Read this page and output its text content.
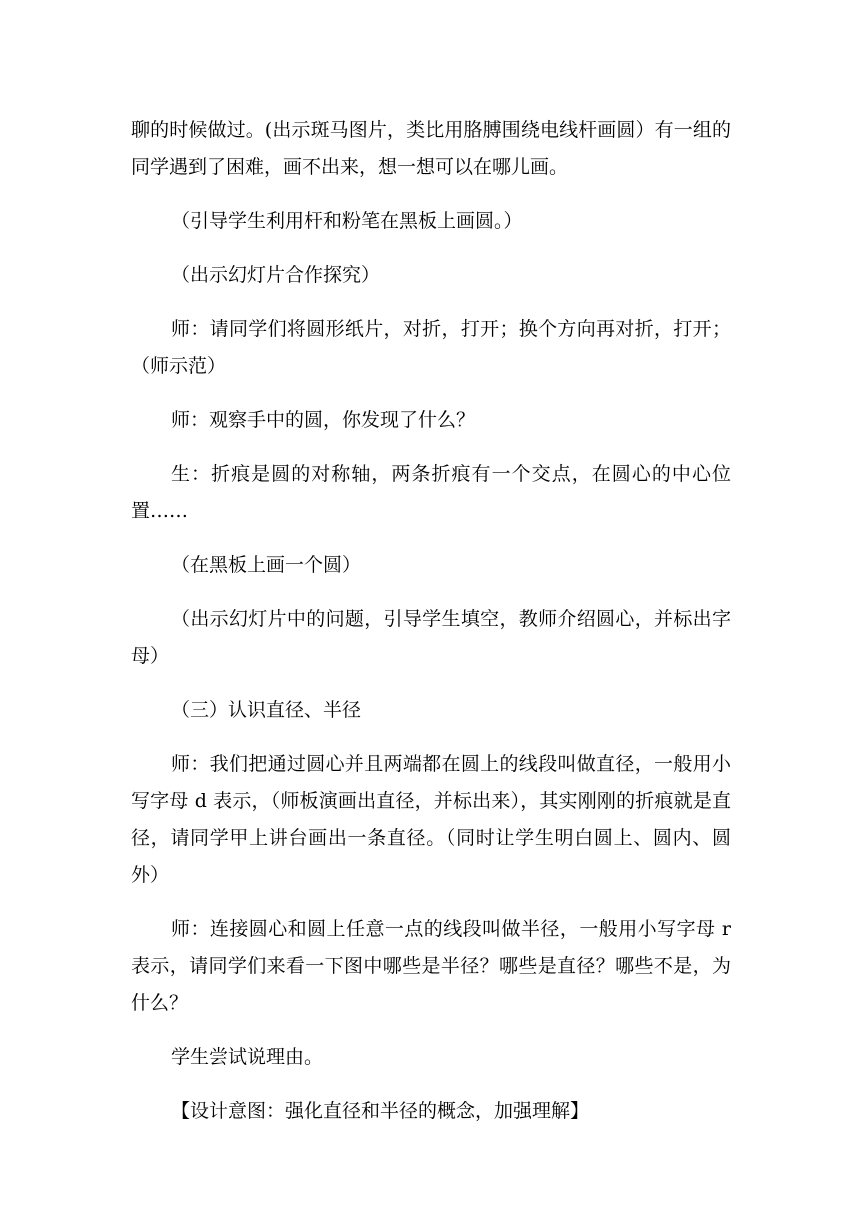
聊的时候做过。(出示斑马图片，类比用胳膊围绕电线杆画圆）有一组的同学遇到了困难，画不出来，想一想可以在哪儿画。

（引导学生利用杆和粉笔在黑板上画圆。）

（出示幻灯片合作探究）

师：请同学们将圆形纸片，对折，打开；换个方向再对折，打开；（师示范）

师：观察手中的圆，你发现了什么？

生：折痕是圆的对称轴，两条折痕有一个交点，在圆心的中心位置……

（在黑板上画一个圆）

（出示幻灯片中的问题，引导学生填空，教师介绍圆心，并标出字母）

（三）认识直径、半径

师：我们把通过圆心并且两端都在圆上的线段叫做直径，一般用小写字母 d 表示，（师板演画出直径，并标出来），其实刚刚的折痕就是直径，请同学甲上讲台画出一条直径。（同时让学生明白圆上、圆内、圆外）

师：连接圆心和圆上任意一点的线段叫做半径，一般用小写字母 r 表示，请同学们来看一下图中哪些是半径？哪些是直径？哪些不是，为什么？

学生尝试说理由。

【设计意图：强化直径和半径的概念，加强理解】
